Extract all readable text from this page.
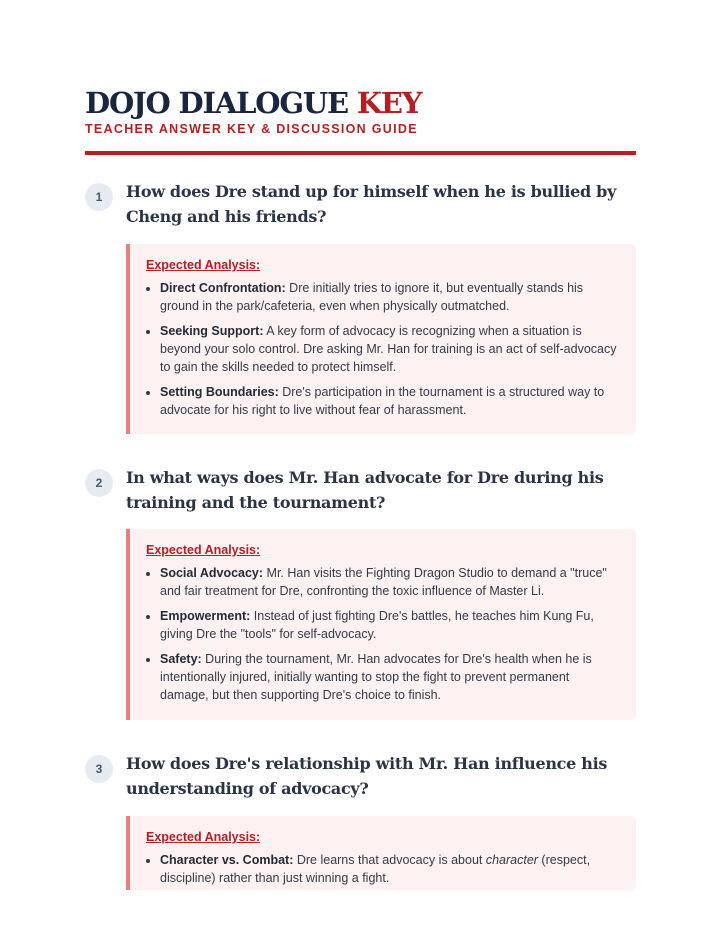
DOJO DIALOGUE KEY
TEACHER ANSWER KEY & DISCUSSION GUIDE
1	How does Dre stand up for himself when he is bullied by Cheng and his friends?
Expected Analysis:
• Direct Confrontation: Dre initially tries to ignore it, but eventually stands his ground in the park/cafeteria, even when physically outmatched.
• Seeking Support: A key form of advocacy is recognizing when a situation is beyond your solo control. Dre asking Mr. Han for training is an act of self-advocacy to gain the skills needed to protect himself.
• Setting Boundaries: Dre's participation in the tournament is a structured way to advocate for his right to live without fear of harassment.
2	In what ways does Mr. Han advocate for Dre during his training and the tournament?
Expected Analysis:
• Social Advocacy: Mr. Han visits the Fighting Dragon Studio to demand a "truce" and fair treatment for Dre, confronting the toxic influence of Master Li.
• Empowerment: Instead of just fighting Dre's battles, he teaches him Kung Fu, giving Dre the "tools" for self-advocacy.
• Safety: During the tournament, Mr. Han advocates for Dre's health when he is intentionally injured, initially wanting to stop the fight to prevent permanent damage, but then supporting Dre's choice to finish.
3	How does Dre's relationship with Mr. Han influence his understanding of advocacy?
Expected Analysis:
• Character vs. Combat: Dre learns that advocacy is about character (respect, discipline) rather than just winning a fight.
